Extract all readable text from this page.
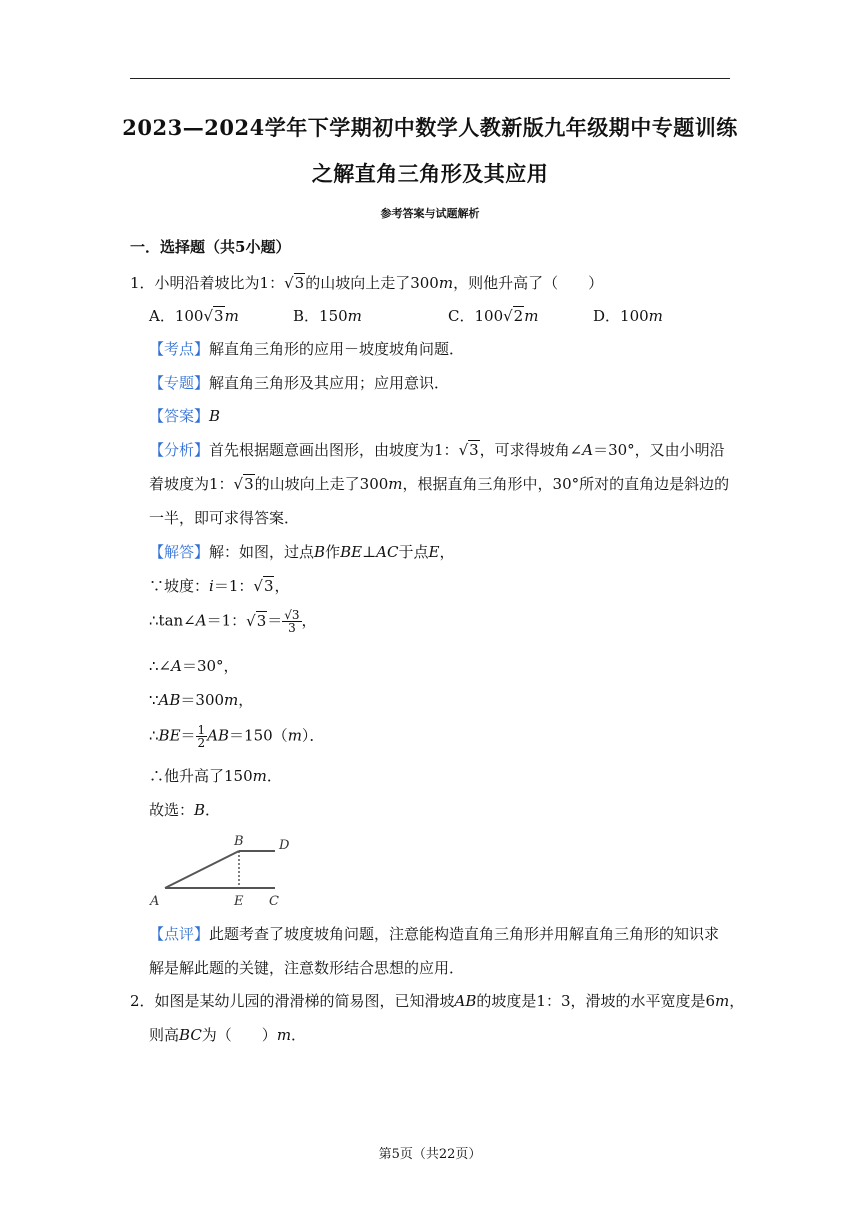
2023—2024学年下学期初中数学人教新版九年级期中专题训练
之解直角三角形及其应用
参考答案与试题解析
一．选择题（共5小题）
1．小明沿着坡比为1：√3的山坡向上走了300m，则他升高了（　　）
A．100√3m	B．150m	C．100√2m	D．100m
【考点】解直角三角形的应用－坡度坡角问题．
【专题】解直角三角形及其应用；应用意识．
【答案】B
【分析】首先根据题意画出图形，由坡度为1：√3，可求得坡角∠A＝30°，又由小明沿
着坡度为1：√3的山坡向上走了300m，根据直角三角形中，30°所对的直角边是斜边的
一半，即可求得答案．
【解答】解：如图，过点B作BE⊥AC于点E，
∵坡度：i＝1：√3，
∴tan∠A＝1：$√3= \frac{√3}{3}$ ，
∴∠A＝30°，
∵AB＝300m，
∴BE＝ $\frac{1}{2} AB=150(m)$．
∴他升高了150m．
故选：B．
B	D
A	E C
【点评】此题考查了坡度坡角问题，注意能构造直角三角形并用解直角三角形的知识求
解是解此题的关键，注意数形结合思想的应用．
2．如图是某幼儿园的滑滑梯的简易图，已知滑坡AB的坡度是1：3，滑坡的水平宽度是6m，
则高BC为（　　）m．
第5页（共22页）
